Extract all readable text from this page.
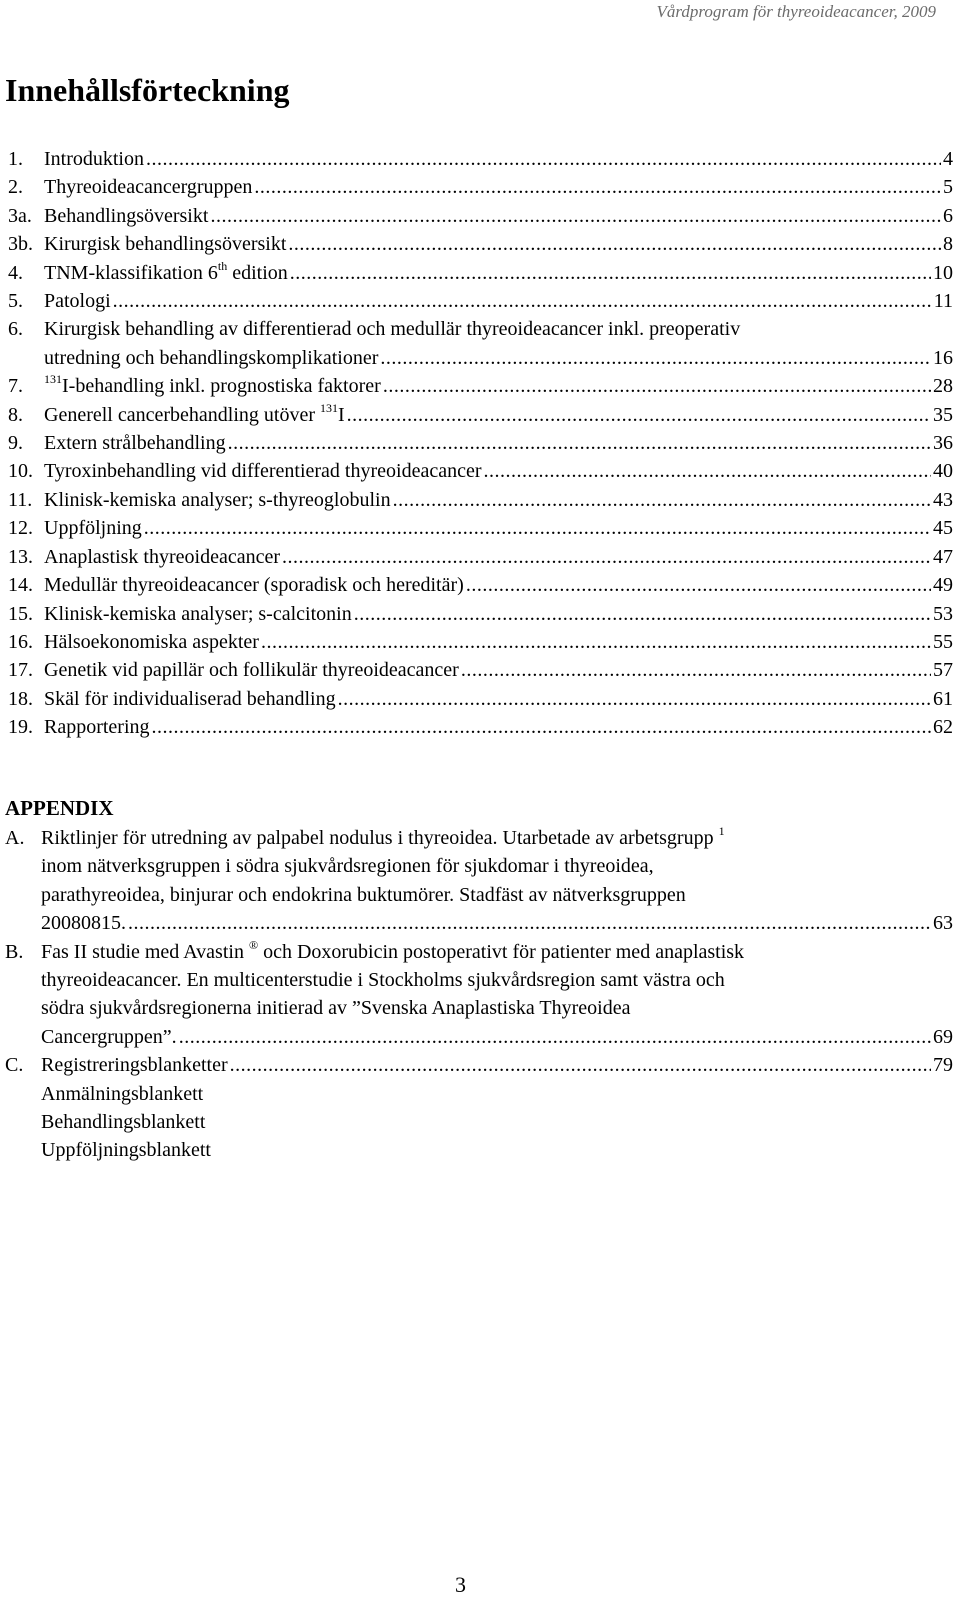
Vårdprogram för thyreoideacancer, 2009
Innehållsförteckning
1.	Introduktion .....	4
2.	Thyreoideacancergruppen .....	5
3a. Behandlingsöversikt .....	6
3b. Kirurgisk behandlingsöversikt .....	8
4.	TNM-klassifikation 6th edition .....	10
5.	Patologi .....	11
6.	Kirurgisk behandling av differentierad och medullär thyreoideacancer inkl. preoperativ
utredning och behandlingskomplikationer .....	16
7.	$^{131}$I-behandling inkl. prognostiska faktorer .....	28
8.	Generell cancerbehandling utöver $^{131}$I .....	35
9.	Extern strålbehandling .....	36
10. Tyroxinbehandling vid differentierad thyreoideacancer .....	40
11. Klinisk-kemiska analyser; s-thyreoglobulin .....	43
12. Uppföljning .....	45
13. Anaplastisk thyreoideacancer .....	47
14. Medullär thyreoideacancer (sporadisk och hereditär) .....	49
15. Klinisk-kemiska analyser; s-calcitonin .....	53
16. Hälsoekonomiska aspekter .....	55
17. Genetik vid papillär och follikulär thyreoideacancer .....	57
18. Skäl för individualiserad behandling .....	61
19. Rapportering .....	62
APPENDIX
A. Riktlinjer för utredning av palpabel nodulus i thyreoidea. Utarbetade av arbetsgrupp $^1$
inom nätverksgruppen i södra sjukvårdsregionen för sjukdomar i thyreoidea,
parathyreoidea, binjurar och endokrina buktumörer. Stadfäst av nätverksgruppen
20080815. .....	63
B. Fas II studie med Avastin ® och Doxorubicin postoperativt för patienter med anaplastisk
thyreoideacancer. En multicenterstudie i Stockholms sjukvårdsregion samt västra och
södra sjukvårdsregionerna initierad av ”Svenska Anaplastiska Thyreoidea
Cancergruppen”. .....	69
C. Registreringsblanketter .....	79
Anmälningsblankett
Behandlingsblankett
Uppföljningsblankett
3
